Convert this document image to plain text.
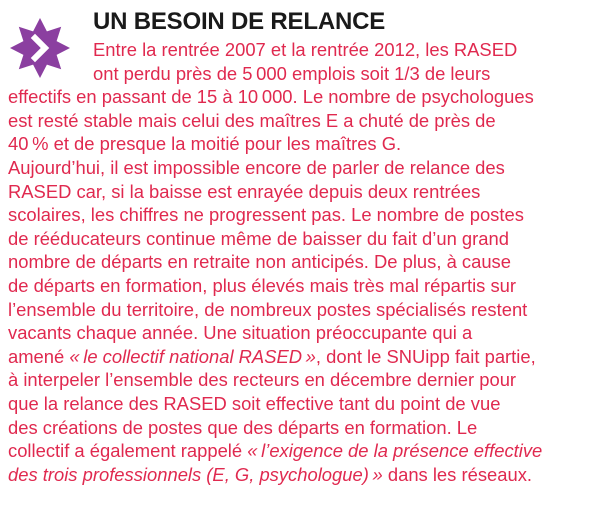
UN BESOIN DE RELANCE
Entre la rentrée 2007 et la rentrée 2012, les RASED
ont perdu près de 5 000 emplois soit 1/3 de leurs
effectifs en passant de 15 à 10 000. Le nombre de psychologues
est resté stable mais celui des maîtres E a chuté de près de
40 % et de presque la moitié pour les maîtres G.
Aujourd’hui, il est impossible encore de parler de relance des
RASED car, si la baisse est enrayée depuis deux rentrées
scolaires, les chiffres ne progressent pas. Le nombre de postes
de rééducateurs continue même de baisser du fait d’un grand
nombre de départs en retraite non anticipés. De plus, à cause
de départs en formation, plus élevés mais très mal répartis sur
l’ensemble du territoire, de nombreux postes spécialisés restent
vacants chaque année. Une situation préoccupante qui a
amené « le collectif national RASED », dont le SNUipp fait partie,
à interpeler l’ensemble des recteurs en décembre dernier pour
que la relance des RASED soit effective tant du point de vue
des créations de postes que des départs en formation. Le
collectif a également rappelé « l’exigence de la présence effective
des trois professionnels (E, G, psychologue) » dans les réseaux.
